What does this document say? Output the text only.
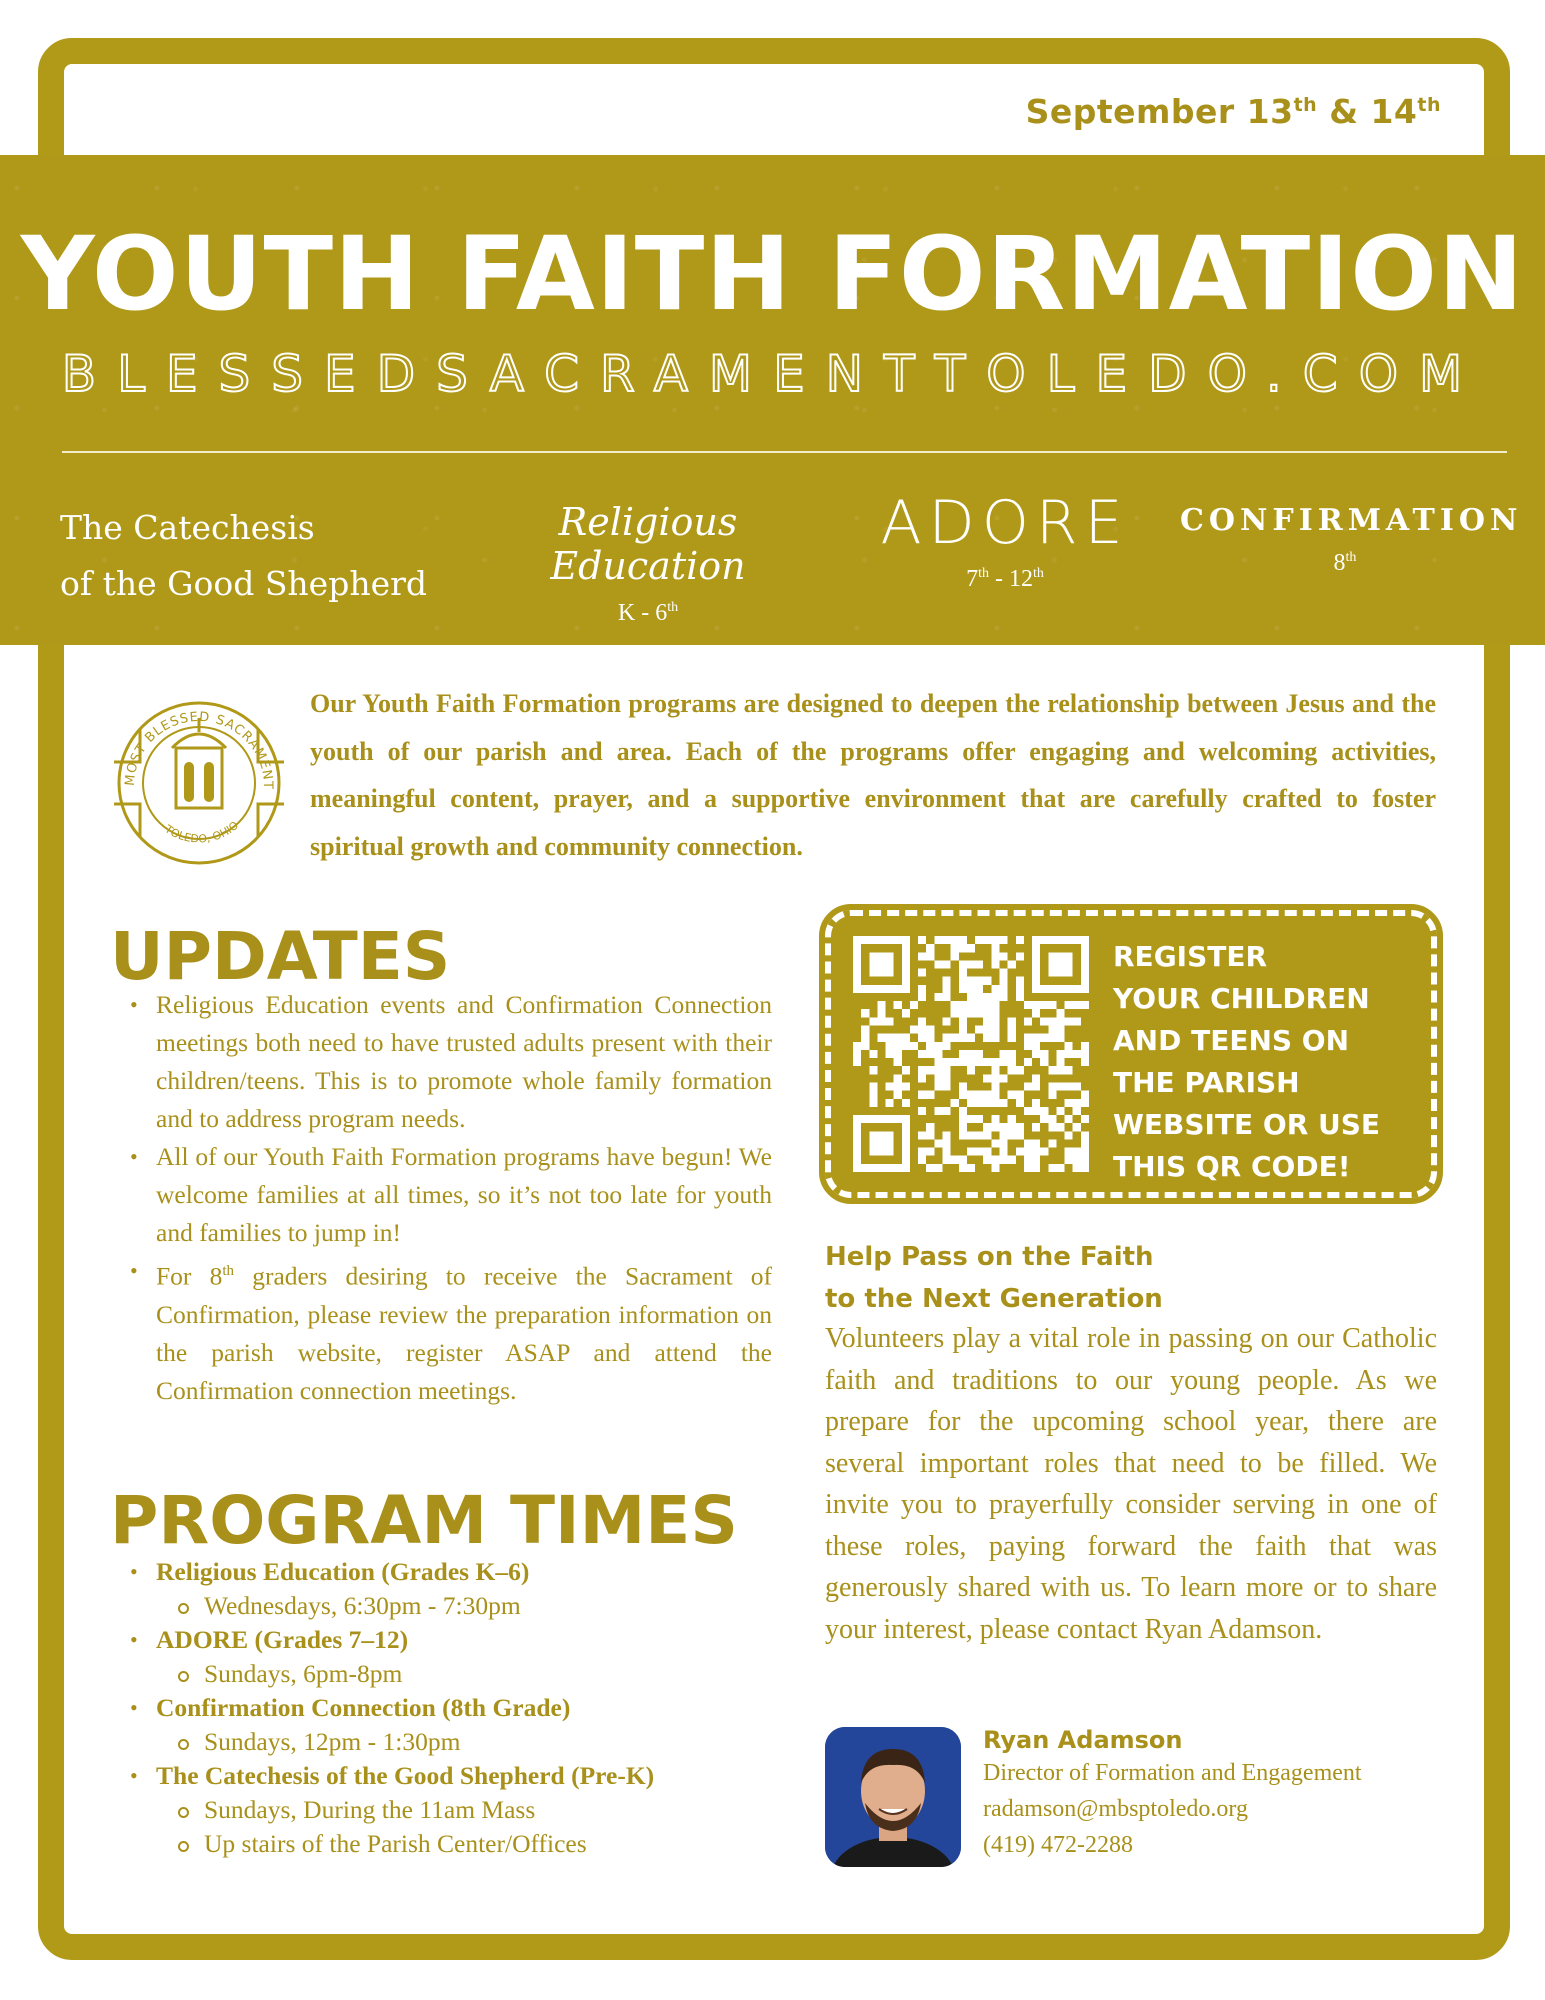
September 13th & 14th
YOUTH FAITH FORMATION
BLESSEDSACRAMENTTOLEDO.COM
The Catechesis
of the Good Shepherd
Religious Education
K - 6th
ADORE
7th - 12th
CONFIRMATION
8th
MOST BLESSED SACRAMENT
TOLEDO, OHIO
Our Youth Faith Formation programs are designed to deepen the relationship between Jesus and the youth of our parish and area. Each of the programs offer engaging and welcoming activities, meaningful content, prayer, and a supportive environment that are carefully crafted to foster spiritual growth and community connection.
UPDATES
• Religious Education events and Confirmation Connection meetings both need to have trusted adults present with their children/teens. This is to promote whole family formation and to address program needs.
• All of our Youth Faith Formation programs have begun! We welcome families at all times, so it’s not too late for youth and families to jump in!
• For 8th graders desiring to receive the Sacrament of Confirmation, please review the preparation information on the parish website, register ASAP and attend the Confirmation connection meetings.
PROGRAM TIMES
• Religious Education (Grades K–6)
Wednesdays, 6:30pm - 7:30pm
• ADORE (Grades 7–12)
Sundays, 6pm-8pm
• Confirmation Connection (8th Grade)
Sundays, 12pm - 1:30pm
• The Catechesis of the Good Shepherd (Pre-K)
Sundays, During the 11am Mass
Up stairs of the Parish Center/Offices
REGISTER
YOUR CHILDREN
AND TEENS ON
THE PARISH
WEBSITE OR USE
THIS QR CODE!
Help Pass on the Faith
to the Next Generation
Volunteers play a vital role in passing on our Catholic faith and traditions to our young people. As we prepare for the upcoming school year, there are several important roles that need to be filled. We invite you to prayerfully consider serving in one of these roles, paying forward the faith that was generously shared with us. To learn more or to share your interest, please contact Ryan Adamson.
Ryan Adamson
Director of Formation and Engagement
radamson@mbsptoledo.org
(419) 472-2288
